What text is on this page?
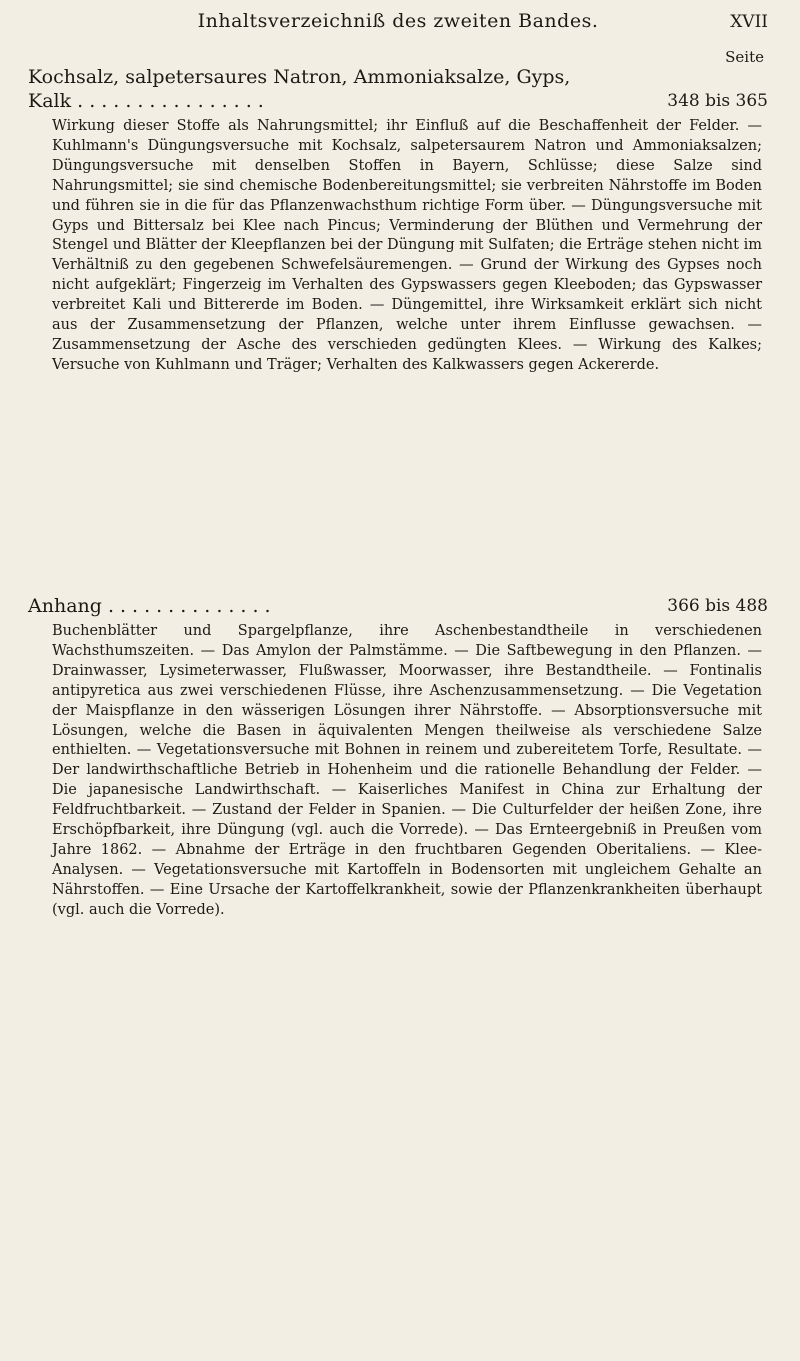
Inhaltsverzeichniß des zweiten Bandes.	XVII
Seite
Kochsalz, salpetersaures Natron, Ammoniaksalze, Gyps,
Kalk ................	348 bis 365

Wirkung dieser Stoffe als Nahrungsmittel; ihr Einfluß auf die Beschaffenheit der Felder. — Kuhlmann's Düngungsversuche mit Kochsalz, salpetersaurem Natron und Ammoniaksalzen; Düngungsversuche mit denselben Stoffen in Bayern, Schlüsse; diese Salze sind Nahrungsmittel; sie sind chemische Bodenbereitungsmittel; sie verbreiten Nährstoffe im Boden und führen sie in die für das Pflanzenwachsthum richtige Form über. — Düngungsversuche mit Gyps und Bittersalz bei Klee nach Pincus; Verminderung der Blüthen und Vermehrung der Stengel und Blätter der Kleepflanzen bei der Düngung mit Sulfaten; die Erträge stehen nicht im Verhältniß zu den gegebenen Schwefelsäuremengen. — Grund der Wirkung des Gypses noch nicht aufgeklärt; Fingerzeig im Verhalten des Gypswassers gegen Kleeboden; das Gypswasser verbreitet Kali und Bittererde im Boden. — Düngemittel, ihre Wirksamkeit erklärt sich nicht aus der Zusammensetzung der Pflanzen, welche unter ihrem Einflusse gewachsen. — Zusammensetzung der Asche des verschieden gedüngten Klees. — Wirkung des Kalkes; Versuche von Kuhlmann und Träger; Verhalten des Kalkwassers gegen Ackererde.

Anhang ..............	366 bis 488

Buchenblätter und Spargelpflanze, ihre Aschenbestandtheile in verschiedenen Wachsthumszeiten. — Das Amylon der Palmstämme. — Die Saftbewegung in den Pflanzen. — Drainwasser, Lysimeterwasser, Flußwasser, Moorwasser, ihre Bestandtheile. — Fontinalis antipyretica aus zwei verschiedenen Flüsse, ihre Aschenzusammensetzung. — Die Vegetation der Maispflanze in den wässerigen Lösungen ihrer Nährstoffe. — Absorptionsversuche mit Lösungen, welche die Basen in äquivalenten Mengen theilweise als verschiedene Salze enthielten. — Vegetationsversuche mit Bohnen in reinem und zubereitetem Torfe, Resultate. — Der landwirthschaftliche Betrieb in Hohenheim und die rationelle Behandlung der Felder. — Die japanesische Landwirthschaft. — Kaiserliches Manifest in China zur Erhaltung der Feldfruchtbarkeit. — Zustand der Felder in Spanien. — Die Culturfelder der heißen Zone, ihre Erschöpfbarkeit, ihre Düngung (vgl. auch die Vorrede). — Das Ernteergebniß in Preußen vom Jahre 1862. — Abnahme der Erträge in den fruchtbaren Gegenden Oberitaliens. — Klee-Analysen. — Vegetationsversuche mit Kartoffeln in Bodensorten mit ungleichem Gehalte an Nährstoffen. — Eine Ursache der Kartoffelkrankheit, sowie der Pflanzenkrankheiten überhaupt (vgl. auch die Vorrede).
